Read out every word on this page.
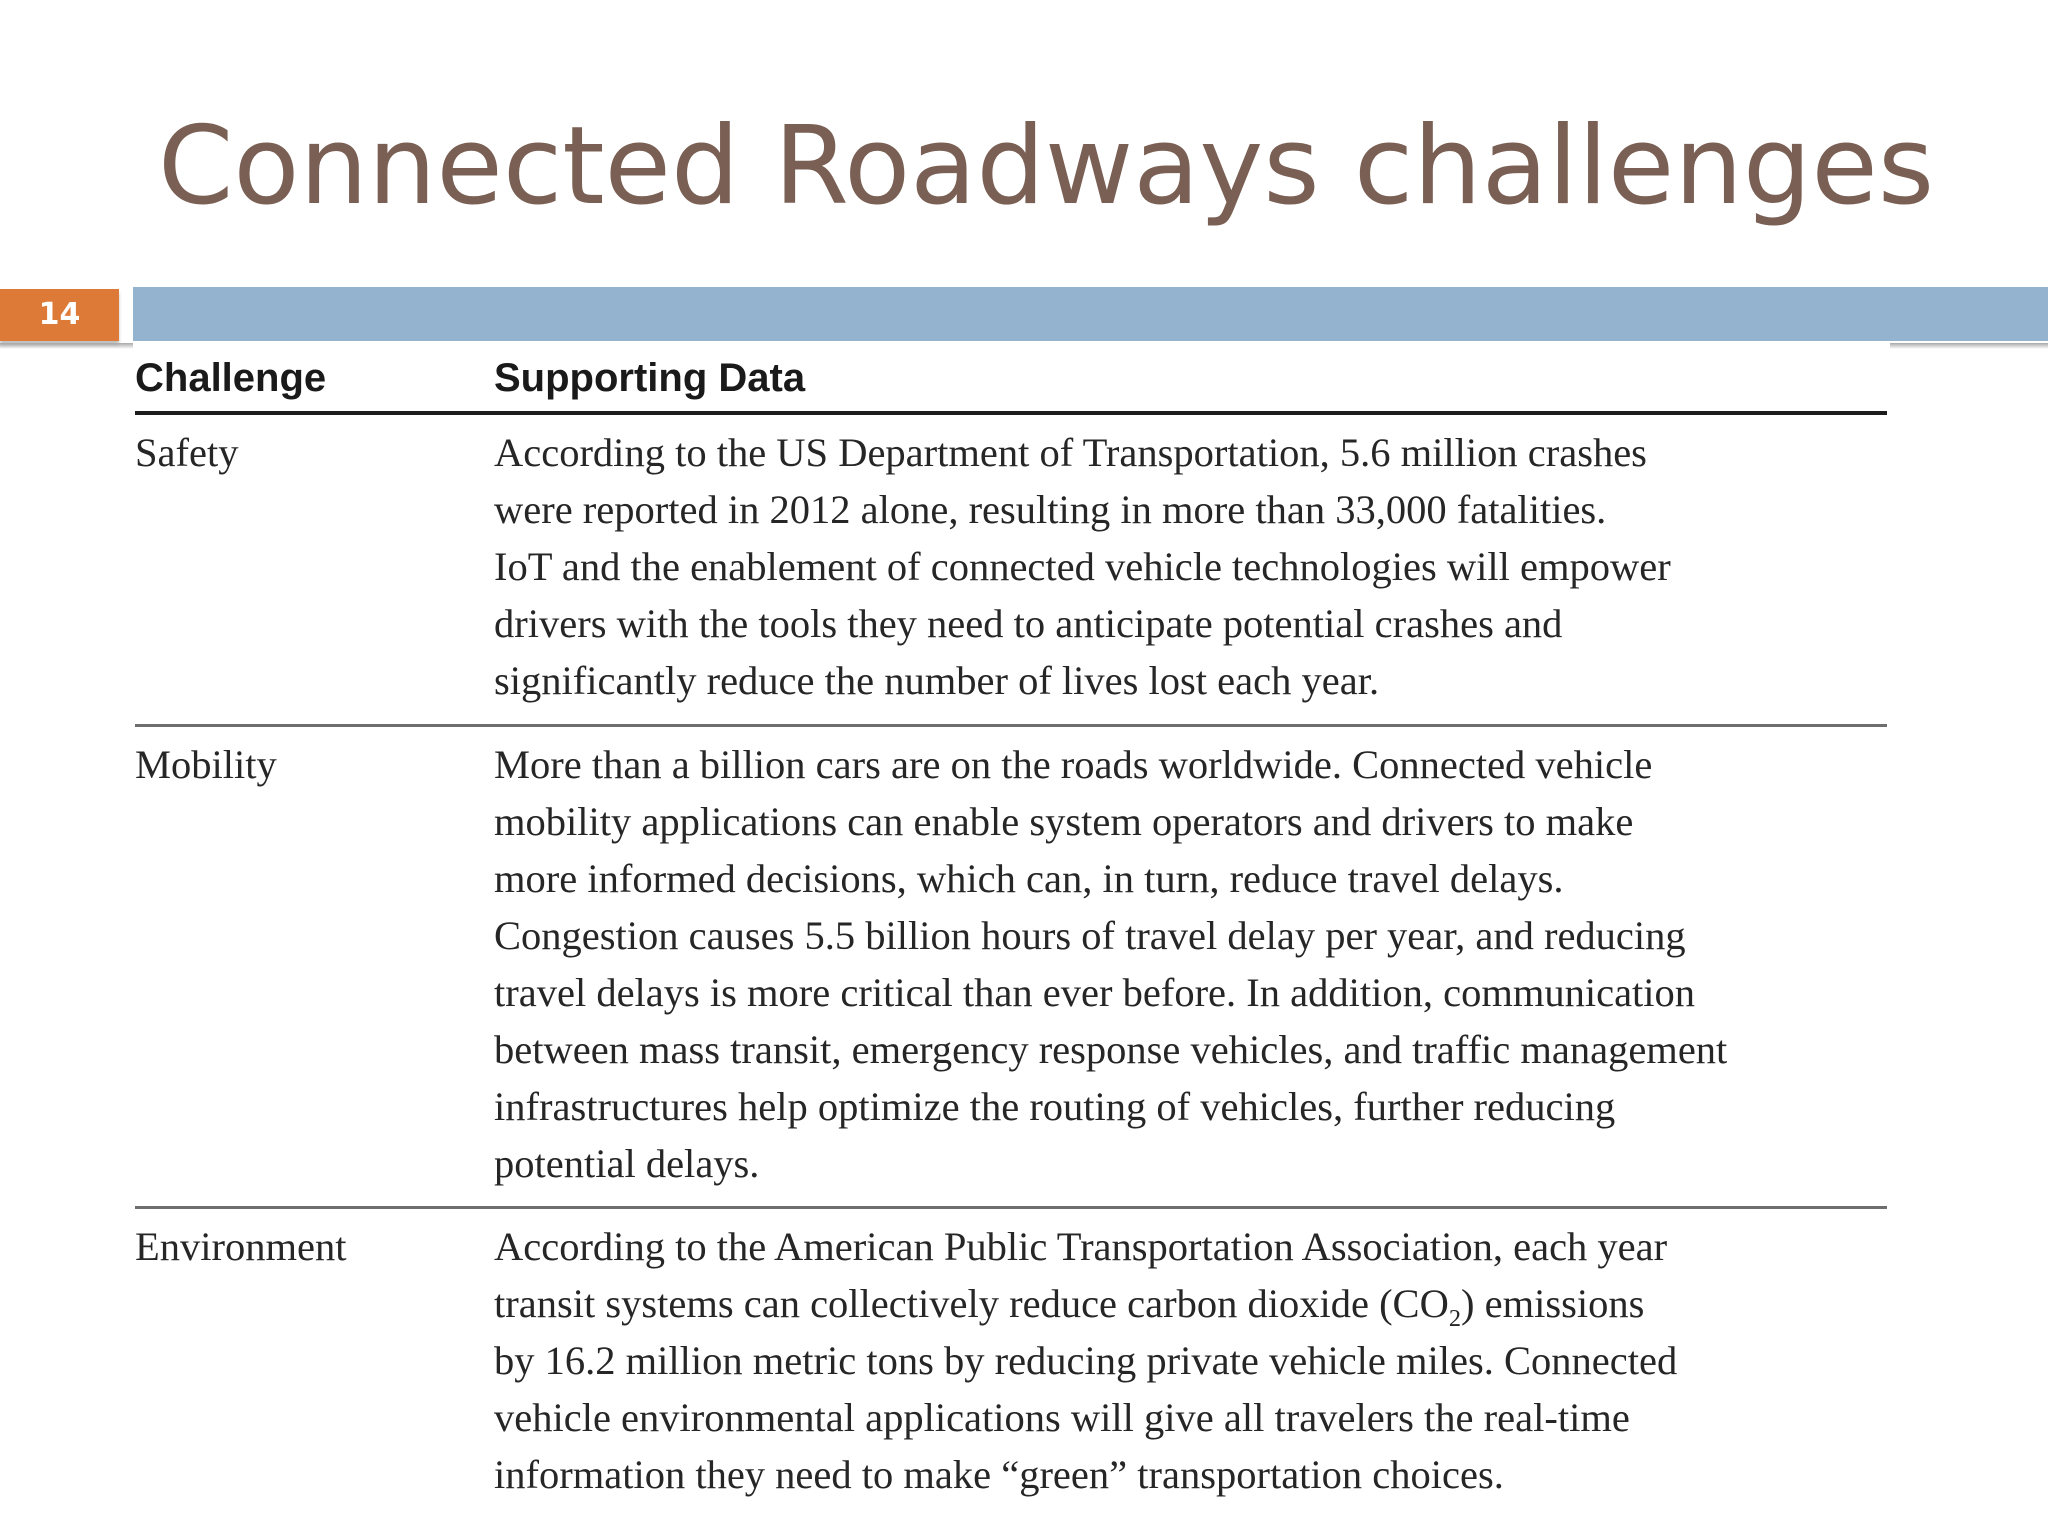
Connected Roadways challenges
14
Challenge	Supporting Data
Safety	According to the US Department of Transportation, 5.6 million crashes
were reported in 2012 alone, resulting in more than 33,000 fatalities.
IoT and the enablement of connected vehicle technologies will empower
drivers with the tools they need to anticipate potential crashes and
significantly reduce the number of lives lost each year.
Mobility	More than a billion cars are on the roads worldwide. Connected vehicle
mobility applications can enable system operators and drivers to make
more informed decisions, which can, in turn, reduce travel delays.
Congestion causes 5.5 billion hours of travel delay per year, and reducing
travel delays is more critical than ever before. In addition, communication
between mass transit, emergency response vehicles, and traffic management
infrastructures help optimize the routing of vehicles, further reducing
potential delays.
Environment	According to the American Public Transportation Association, each year
transit systems can collectively reduce carbon dioxide $(CO_2)$ emissions
by 16.2 million metric tons by reducing private vehicle miles. Connected
vehicle environmental applications will give all travelers the real-time
information they need to make “green” transportation choices.
